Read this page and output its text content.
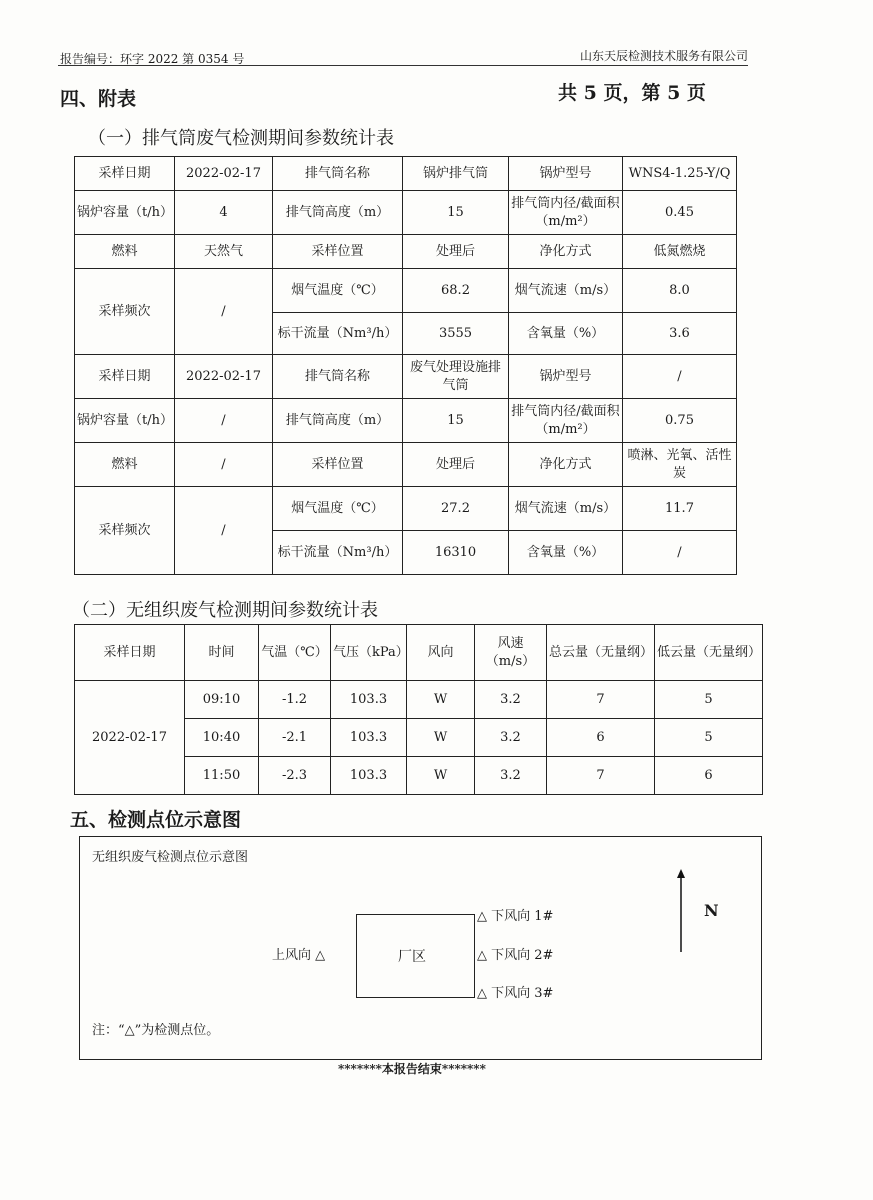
报告编号：环字 2022 第 0354 号	山东天辰检测技术服务有限公司
四、附表	共 5 页，第 5 页
（一）排气筒废气检测期间参数统计表
采样日期	2022-02-17	排气筒名称	锅炉排气筒	锅炉型号	WNS4-1.25-Y/Q
锅炉容量（t/h）	4	排气筒高度（m）	15	排气筒内径/截面积（m/m²）	0.45
燃料	天然气	采样位置	处理后	净化方式	低氮燃烧
采样频次	/	烟气温度（℃）	68.2	烟气流速（m/s）	8.0
		标干流量（Nm³/h）	3555	含氧量（%）	3.6
采样日期	2022-02-17	排气筒名称	废气处理设施排气筒	锅炉型号	/
锅炉容量（t/h）	/	排气筒高度（m）	15	排气筒内径/截面积（m/m²）	0.75
燃料	/	采样位置	处理后	净化方式	喷淋、光氧、活性炭
采样频次	/	烟气温度（℃）	27.2	烟气流速（m/s）	11.7
		标干流量（Nm³/h）	16310	含氧量（%）	/
（二）无组织废气检测期间参数统计表
采样日期	时间	气温（℃）	气压（kPa）	风向	风速（m/s）	总云量（无量纲）	低云量（无量纲）
2022-02-17	09:10	-1.2	103.3	W	3.2	7	5
	10:40	-2.1	103.3	W	3.2	6	5
	11:50	-2.3	103.3	W	3.2	7	6
五、检测点位示意图
无组织废气检测点位示意图
厂区
上风向 △
△ 下风向 1#
△ 下风向 2#
△ 下风向 3#
N
注：“△”为检测点位。
*******本报告结束*******
